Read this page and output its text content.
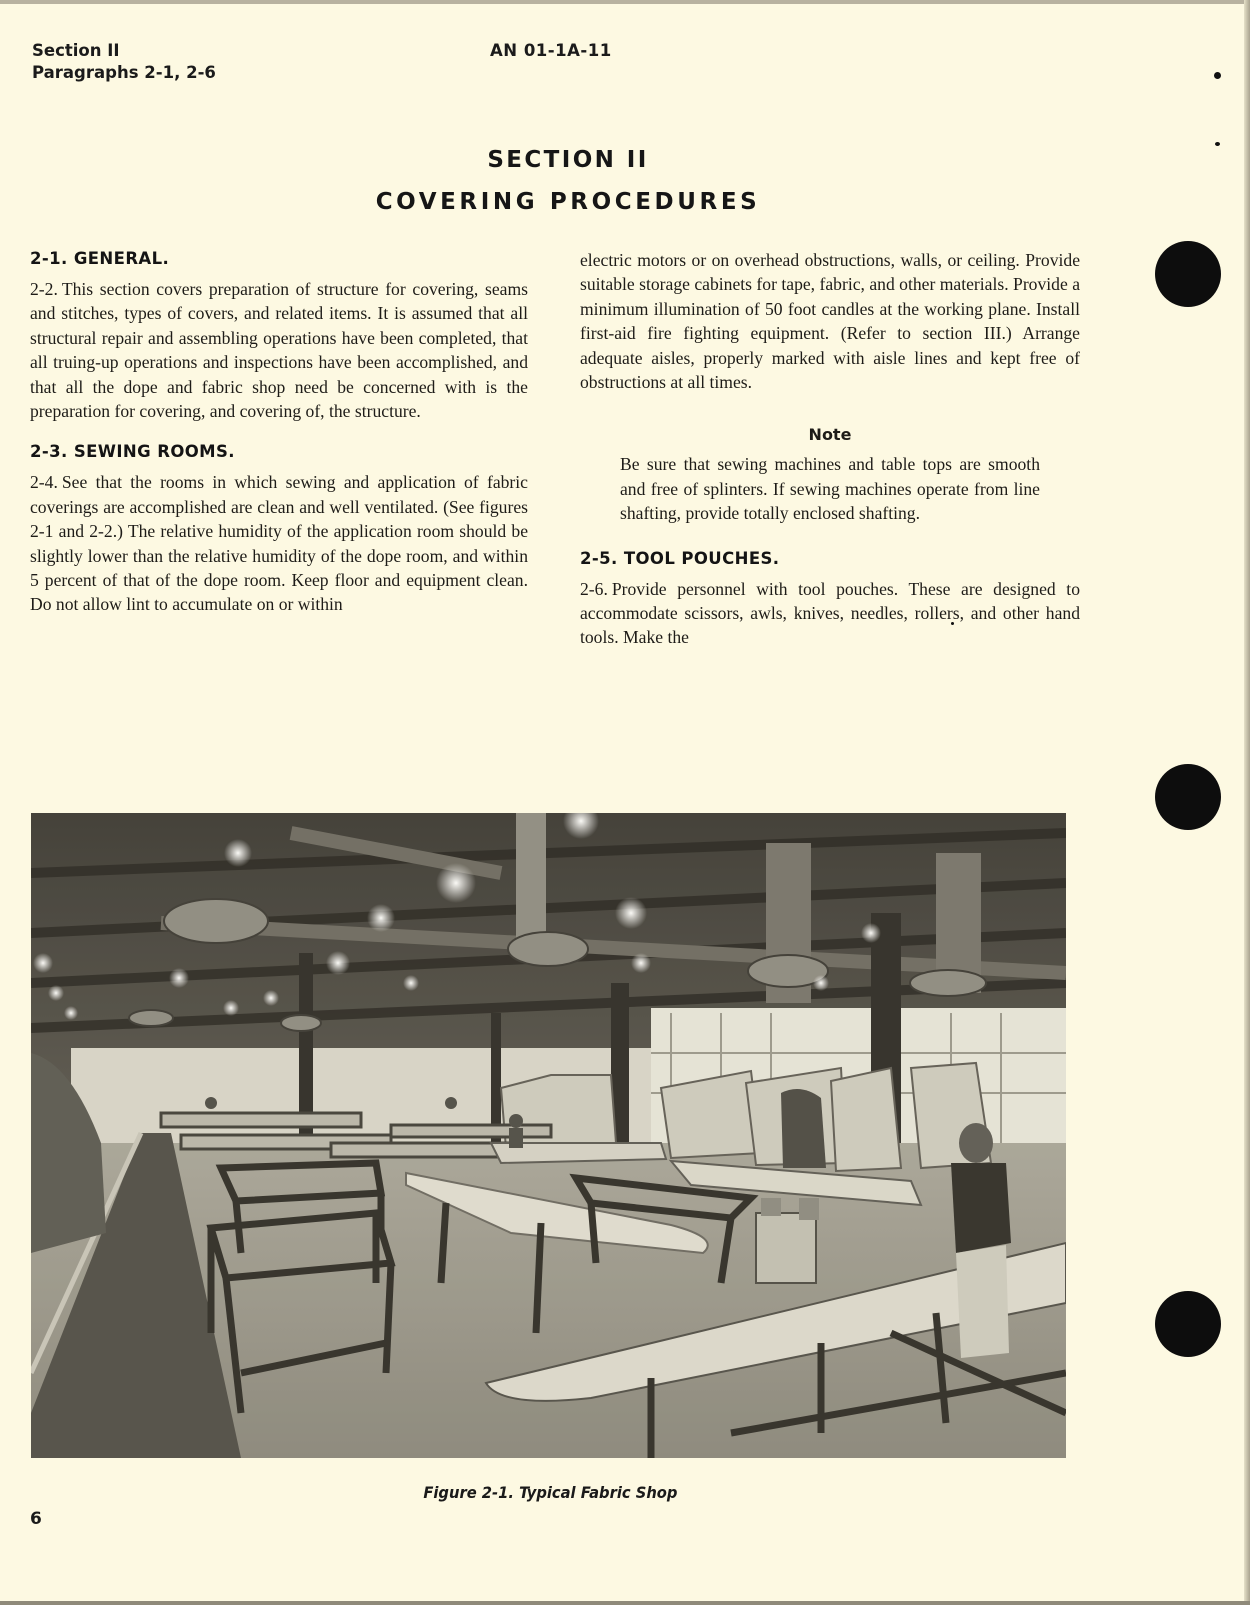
Section II
Paragraphs 2-1, 2-6
AN 01-1A-11
SECTION II
COVERING PROCEDURES
2-1. GENERAL.

2-2. This section covers preparation of structure for covering, seams and stitches, types of covers, and related items. It is assumed that all structural repair and assembling operations have been completed, that all truing-up operations and inspections have been accomplished, and that all the dope and fabric shop need be concerned with is the preparation for covering, and covering of, the structure.

2-3. SEWING ROOMS.

2-4. See that the rooms in which sewing and application of fabric coverings are accomplished are clean and well ventilated. (See figures 2-1 and 2-2.) The relative humidity of the application room should be slightly lower than the relative humidity of the dope room, and within 5 percent of that of the dope room. Keep floor and equipment clean. Do not allow lint to accumulate on or within

electric motors or on overhead obstructions, walls, or ceiling. Provide suitable storage cabinets for tape, fabric, and other materials. Provide a minimum illumination of 50 foot candles at the working plane. Install first-aid fire fighting equipment. (Refer to section III.) Arrange adequate aisles, properly marked with aisle lines and kept free of obstructions at all times.

Note

Be sure that sewing machines and table tops are smooth and free of splinters. If sewing machines operate from line shafting, provide totally enclosed shafting.

2-5. TOOL POUCHES.

2-6. Provide personnel with tool pouches. These are designed to accommodate scissors, awls, knives, needles, rollers, and other hand tools. Make the

Figure 2-1. Typical Fabric Shop
6
